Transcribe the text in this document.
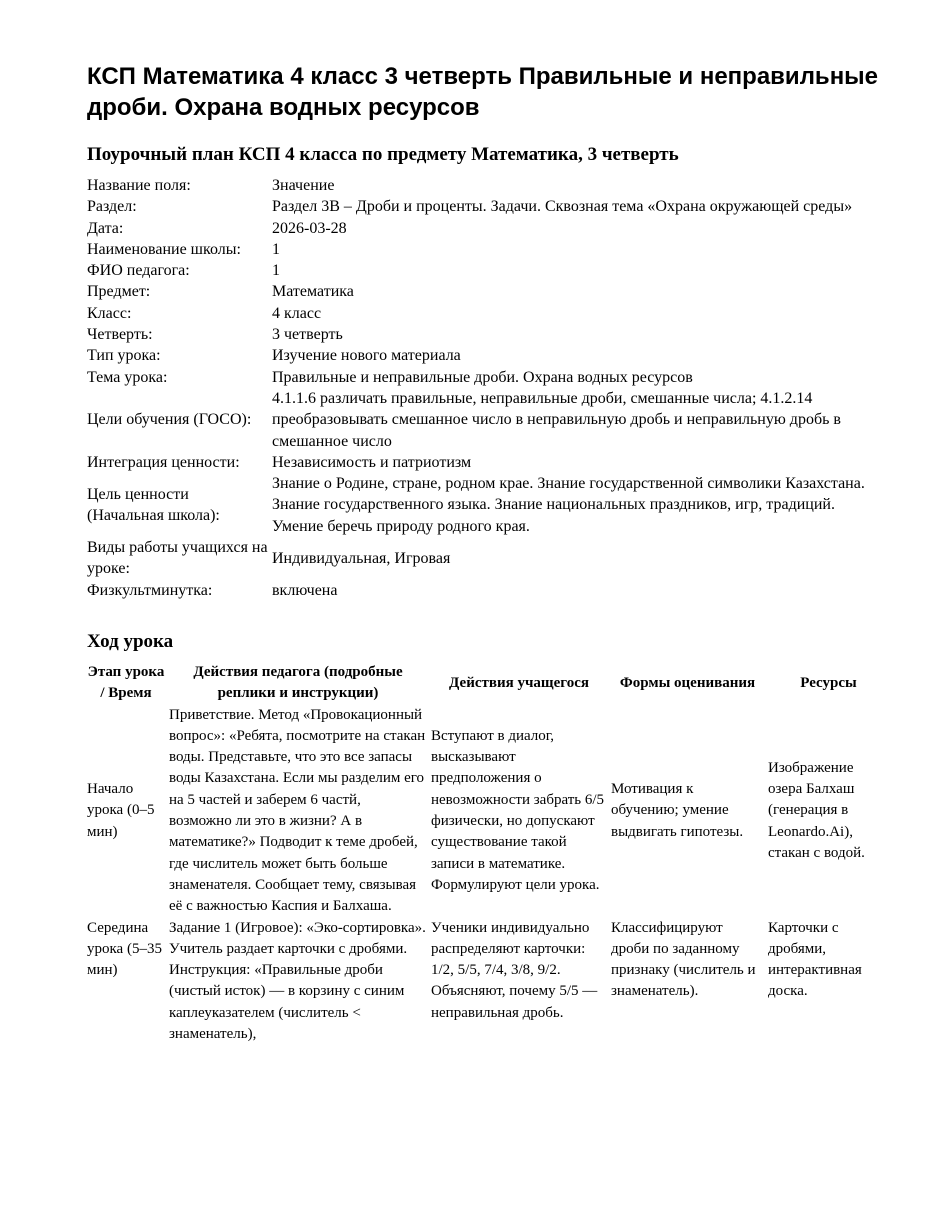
КСП Математика 4 класс 3 четверть Правильные и неправильные дроби. Охрана водных ресурсов
Поурочный план КСП 4 класса по предмету Математика, 3 четверть
Название поля:	Значение
Раздел:	Раздел 3В – Дроби и проценты. Задачи. Сквозная тема «Охрана окружающей среды»
Дата:	2026-03-28
Наименование школы:	1
ФИО педагога:	1
Предмет:	Математика
Класс:	4 класс
Четверть:	3 четверть
Тип урока:	Изучение нового материала
Тема урока:	Правильные и неправильные дроби. Охрана водных ресурсов
Цели обучения (ГОСО):	4.1.1.6 различать правильные, неправильные дроби, смешанные числа; 4.1.2.14 преобразовывать смешанное число в неправильную дробь и неправильную дробь в смешанное число
Интеграция ценности:	Независимость и патриотизм
Цель ценности (Начальная школа):	Знание о Родине, стране, родном крае. Знание государственной символики Казахстана. Знание государственного языка. Знание национальных праздников, игр, традиций. Умение беречь природу родного края.
Виды работы учащихся на уроке:	Индивидуальная, Игровая
Физкультминутка:	включена
Ход урока
Этап урока / Время	Действия педагога (подробные реплики и инструкции)	Действия учащегося	Формы оценивания	Ресурсы
Начало урока (0–5 мин)	Приветствие. Метод «Провокационный вопрос»: «Ребята, посмотрите на стакан воды. Представьте, что это все запасы воды Казахстана. Если мы разделим его на 5 частей и заберем 6 частй, возможно ли это в жизни? А в математике?» Подводит к теме дробей, где числитель может быть больше знаменателя. Сообщает тему, связывая её с важностью Каспия и Балхаша.	Вступают в диалог, высказывают предположения о невозможности забрать 6/5 физически, но допускают существование такой записи в математике. Формулируют цели урока.	Мотивация к обучению; умение выдвигать гипотезы.	Изображение озера Балхаш (генерация в Leonardo.Ai), стакан с водой.
Середина урока (5–35 мин)	Задание 1 (Игровое): «Эко-сортировка». Учитель раздает карточки с дробями. Инструкция: «Правильные дроби (чистый исток) — в корзину с синим каплеуказателем (числитель < знаменатель),	Ученики индивидуально распределяют карточки: 1/2, 5/5, 7/4, 3/8, 9/2. Объясняют, почему 5/5 — неправильная дробь.	Классифицируют дроби по заданному признаку (числитель и знаменатель).	Карточки с дробями, интерактивная доска.
